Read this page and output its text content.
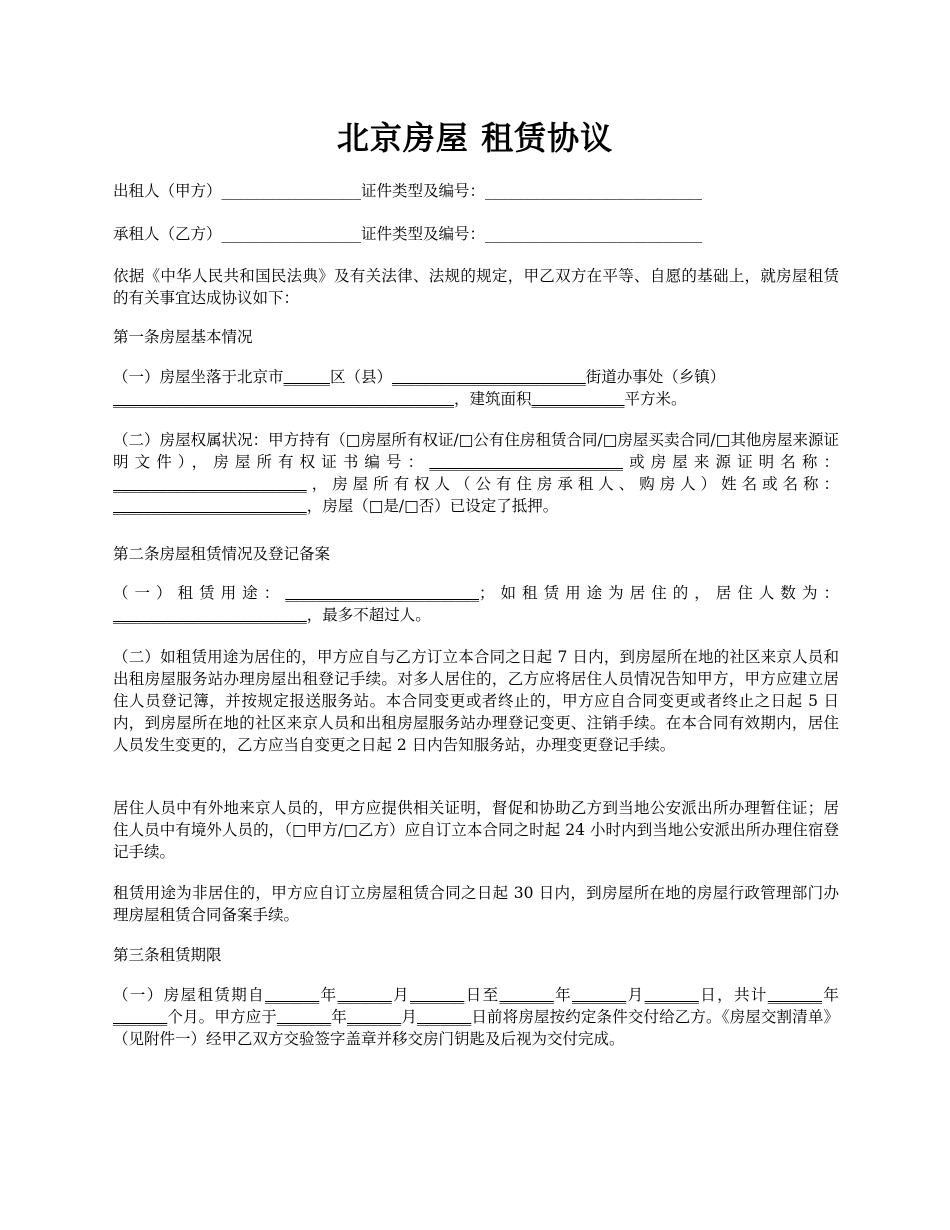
北京房屋 租赁协议

出租人（甲方）__________________证件类型及编号：____________________________

承租人（乙方）__________________证件类型及编号：____________________________

依据《中华人民共和国民法典》及有关法律、法规的规定，甲乙双方在平等、自愿的基础上，就房屋租赁的有关事宜达成协议如下：

第一条房屋基本情况

（一）房屋坐落于北京市______区（县）_________________________街道办事处（乡镇）
____________________________________________，建筑面积____________平方米。

（二）房屋权属状况：甲方持有（□房屋所有权证/□公有住房租赁合同/□房屋买卖合同/□其他房屋来源证明文件），房屋所有权证书编号：_________________________或房屋来源证明名称：_________________________，房屋所有权人（公有住房承租人、购房人）姓名或名称：_________________________，房屋（□是/□否）已设定了抵押。

第二条房屋租赁情况及登记备案

（一）租赁用途：_________________________；如租赁用途为居住的，居住人数为：_________________________，最多不超过人。

（二）如租赁用途为居住的，甲方应自与乙方订立本合同之日起 7 日内，到房屋所在地的社区来京人员和出租房屋服务站办理房屋出租登记手续。对多人居住的，乙方应将居住人员情况告知甲方，甲方应建立居住人员登记簿，并按规定报送服务站。本合同变更或者终止的，甲方应自合同变更或者终止之日起 5 日内，到房屋所在地的社区来京人员和出租房屋服务站办理登记变更、注销手续。在本合同有效期内，居住人员发生变更的，乙方应当自变更之日起 2 日内告知服务站，办理变更登记手续。

居住人员中有外地来京人员的，甲方应提供相关证明，督促和协助乙方到当地公安派出所办理暂住证；居住人员中有境外人员的，（□甲方/□乙方）应自订立本合同之时起 24 小时内到当地公安派出所办理住宿登记手续。

租赁用途为非居住的，甲方应自订立房屋租赁合同之日起 30 日内，到房屋所在地的房屋行政管理部门办理房屋租赁合同备案手续。

第三条租赁期限

（一）房屋租赁期自_______年_______月_______日至_______年_______月_______日，共计_______年_______个月。甲方应于_______年_______月_______日前将房屋按约定条件交付给乙方。《房屋交割清单》（见附件一）经甲乙双方交验签字盖章并移交房门钥匙及后视为交付完成。
